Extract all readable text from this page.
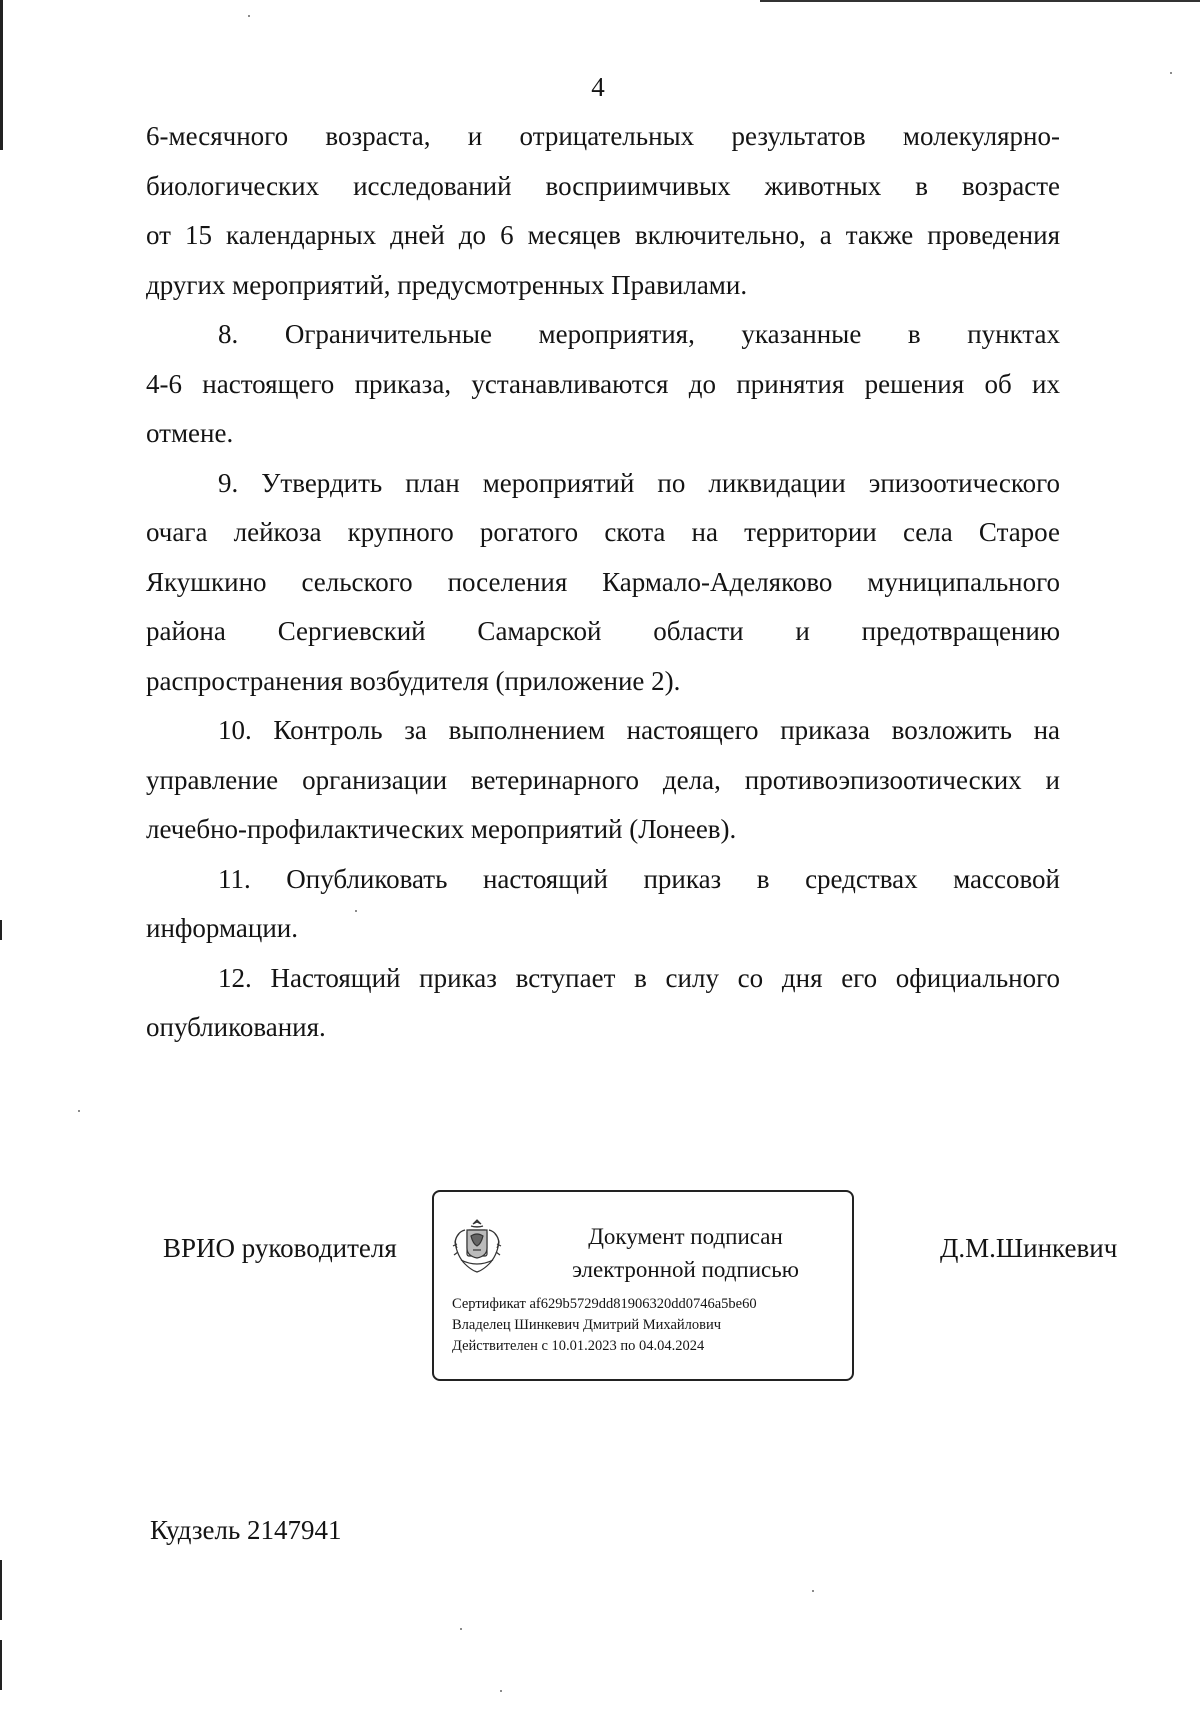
4

6-месячного возраста, и отрицательных результатов молекулярно-

биологических исследований восприимчивых животных в возрасте

от 15 календарных дней до 6 месяцев включительно, а также проведения

других мероприятий, предусмотренных Правилами.

8. Ограничительные мероприятия, указанные в пунктах

4-6 настоящего приказа, устанавливаются до принятия решения об их

отмене.

9. Утвердить план мероприятий по ликвидации эпизоотического

очага лейкоза крупного рогатого скота на территории села Старое

Якушкино сельского поселения Кармало-Аделяково муниципального

района Сергиевский Самарской области и предотвращению

распространения возбудителя (приложение 2).

10. Контроль за выполнением настоящего приказа возложить на

управление организации ветеринарного дела, противоэпизоотических и

лечебно-профилактических мероприятий (Лонеев).

11. Опубликовать настоящий приказ в средствах массовой

информации.

12. Настоящий приказ вступает в силу со дня его официального

опубликования.

ВРИО руководителя	Документ подписан
электронной подписью
Сертификат af629b5729dd81906320dd0746a5be60
Владелец Шинкевич Дмитрий Михайлович
Действителен с 10.01.2023 по 04.04.2024
Д.М.Шинкевич
Кудзель 2147941
